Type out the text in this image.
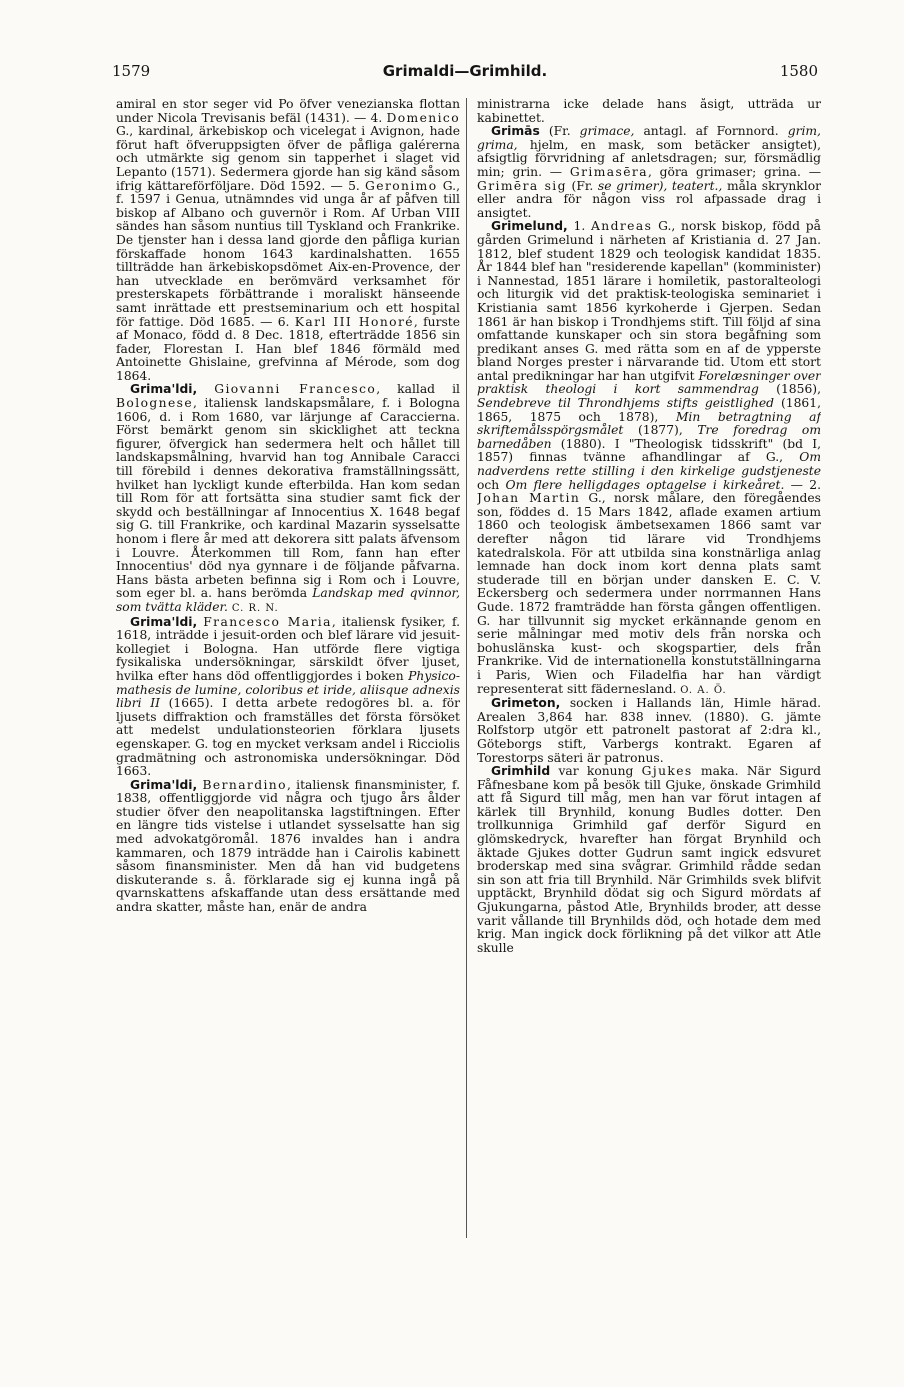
1579	Grimaldi—Grimhild.	1580

amiral en stor seger vid Po öfver venezianska flottan under Nicola Trevisanis befäl (1431). — 4. Domenico G., kardinal, ärkebiskop och vicelegat i Avignon, hade förut haft öfveruppsigten öfver de påfliga galérerna och utmärkte sig genom sin tapperhet i slaget vid Lepanto (1571). Sedermera gjorde han sig känd såsom ifrig kättareförföljare. Död 1592. — 5. Geronimo G., f. 1597 i Genua, utnämndes vid unga år af påfven till biskop af Albano och guvernör i Rom. Af Urban VIII sändes han såsom nuntius till Tyskland och Frankrike. De tjenster han i dessa land gjorde den påfliga kurian förskaffade honom 1643 kardinalshatten. 1655 tillträdde han ärkebiskopsdömet Aix-en-Provence, der han utvecklade en berömvärd verksamhet för presterskapets förbättrande i moraliskt hänseende samt inrättade ett prestseminarium och ett hospital för fattige. Död 1685. — 6. Karl III Honoré, furste af Monaco, född d. 8 Dec. 1818, efterträdde 1856 sin fader, Florestan I. Han blef 1846 förmäld med Antoinette Ghislaine, grefvinna af Mérode, som dog 1864.

Grima'ldi, Giovanni Francesco, kallad il Bolognese, italiensk landskapsmålare, f. i Bologna 1606, d. i Rom 1680, var lärjunge af Caraccierna. Först bemärkt genom sin skicklighet att teckna figurer, öfvergick han sedermera helt och hållet till landskapsmålning, hvarvid han tog Annibale Caracci till förebild i dennes dekorativa framställningssätt, hvilket han lyckligt kunde efterbilda. Han kom sedan till Rom för att fortsätta sina studier samt fick der skydd och beställningar af Innocentius X. 1648 begaf sig G. till Frankrike, och kardinal Mazarin sysselsatte honom i flere år med att dekorera sitt palats äfvensom i Louvre. Återkommen till Rom, fann han efter Innocentius' död nya gynnare i de följande påfvarna. Hans bästa arbeten befinna sig i Rom och i Louvre, som eger bl. a. hans berömda Landskap med qvinnor, som tvätta kläder. C. R. N.

Grima'ldi, Francesco Maria, italiensk fysiker, f. 1618, inträdde i jesuit-orden och blef lärare vid jesuit-kollegiet i Bologna. Han utförde flere vigtiga fysikaliska undersökningar, särskildt öfver ljuset, hvilka efter hans död offentliggjordes i boken Physico-mathesis de lumine, coloribus et iride, aliisque adnexis libri II (1665). I detta arbete redogöres bl. a. för ljusets diffraktion och framställes det första försöket att medelst undulationsteorien förklara ljusets egenskaper. G. tog en mycket verksam andel i Ricciolis gradmätning och astronomiska undersökningar. Död 1663.

Grima'ldi, Bernardino, italiensk finansminister, f. 1838, offentliggjorde vid några och tjugo års ålder studier öfver den neapolitanska lagstiftningen. Efter en längre tids vistelse i utlandet sysselsatte han sig med advokatgöromål. 1876 invaldes han i andra kammaren, och 1879 inträdde han i Cairolis kabinett såsom finansminister. Men då han vid budgetens diskuterande s. å. förklarade sig ej kunna ingå på qvarnskattens afskaffande utan dess ersättande med andra skatter, måste han, enär de andra

ministrarna icke delade hans åsigt, utträda ur kabinettet.

Grimās (Fr. grimace, antagl. af Fornnord. grim, grima, hjelm, en mask, som betäcker ansigtet), afsigtlig förvridning af anletsdragen; sur, försmädlig min; grin. — Grimasēra, göra grimaser; grina. — Grimēra sig (Fr. se grimer), teatert., måla skrynklor eller andra för någon viss rol afpassade drag i ansigtet.

Grimelund, 1. Andreas G., norsk biskop, född på gården Grimelund i närheten af Kristiania d. 27 Jan. 1812, blef student 1829 och teologisk kandidat 1835. År 1844 blef han "residerende kapellan" (komminister) i Nannestad, 1851 lärare i homiletik, pastoralteologi och liturgik vid det praktisk-teologiska seminariet i Kristiania samt 1856 kyrkoherde i Gjerpen. Sedan 1861 är han biskop i Trondhjems stift. Till följd af sina omfattande kunskaper och sin stora begåfning som predikant anses G. med rätta som en af de ypperste bland Norges prester i närvarande tid. Utom ett stort antal predikningar har han utgifvit Forelæsninger over praktisk theologi i kort sammendrag (1856), Sendebreve til Throndhjems stifts geistlighed (1861, 1865, 1875 och 1878), Min betragtning af skriftemålsspörgsmålet (1877), Tre foredrag om barnedåben (1880). I "Theologisk tidsskrift" (bd I, 1857) finnas tvänne afhandlingar af G., Om nadverdens rette stilling i den kirkelige gudstjeneste och Om flere helligdages optagelse i kirkeåret. — 2. Johan Martin G., norsk målare, den föregåendes son, föddes d. 15 Mars 1842, aflade examen artium 1860 och teologisk ämbetsexamen 1866 samt var derefter någon tid lärare vid Trondhjems katedralskola. För att utbilda sina konstnärliga anlag lemnade han dock inom kort denna plats samt studerade till en början under dansken E. C. V. Eckersberg och sedermera under norrmannen Hans Gude. 1872 framträdde han första gången offentligen. G. har tillvunnit sig mycket erkännande genom en serie målningar med motiv dels från norska och bohuslänska kust- och skogspartier, dels från Frankrike. Vid de internationella konstutställningarna i Paris, Wien och Filadelfia har han värdigt representerat sitt fädernesland. O. A. Ö.

Grimeton, socken i Hallands län, Himle härad. Arealen 3,864 har. 838 innev. (1880). G. jämte Rolfstorp utgör ett patronelt pastorat af 2:dra kl., Göteborgs stift, Varbergs kontrakt. Egaren af Torestorps säteri är patronus.

Grimhild var konung Gjukes maka. När Sigurd Fåfnesbane kom på besök till Gjuke, önskade Grimhild att få Sigurd till måg, men han var förut intagen af kärlek till Brynhild, konung Budles dotter. Den trollkunniga Grimhild gaf derför Sigurd en glömskedryck, hvarefter han förgat Brynhild och äktade Gjukes dotter Gudrun samt ingick edsvuret broderskap med sina svågrar. Grimhild rådde sedan sin son att fria till Brynhild. När Grimhilds svek blifvit upptäckt, Brynhild dödat sig och Sigurd mördats af Gjukungarna, påstod Atle, Brynhilds broder, att desse varit vållande till Brynhilds död, och hotade dem med krig. Man ingick dock förlikning på det vilkor att Atle skulle
